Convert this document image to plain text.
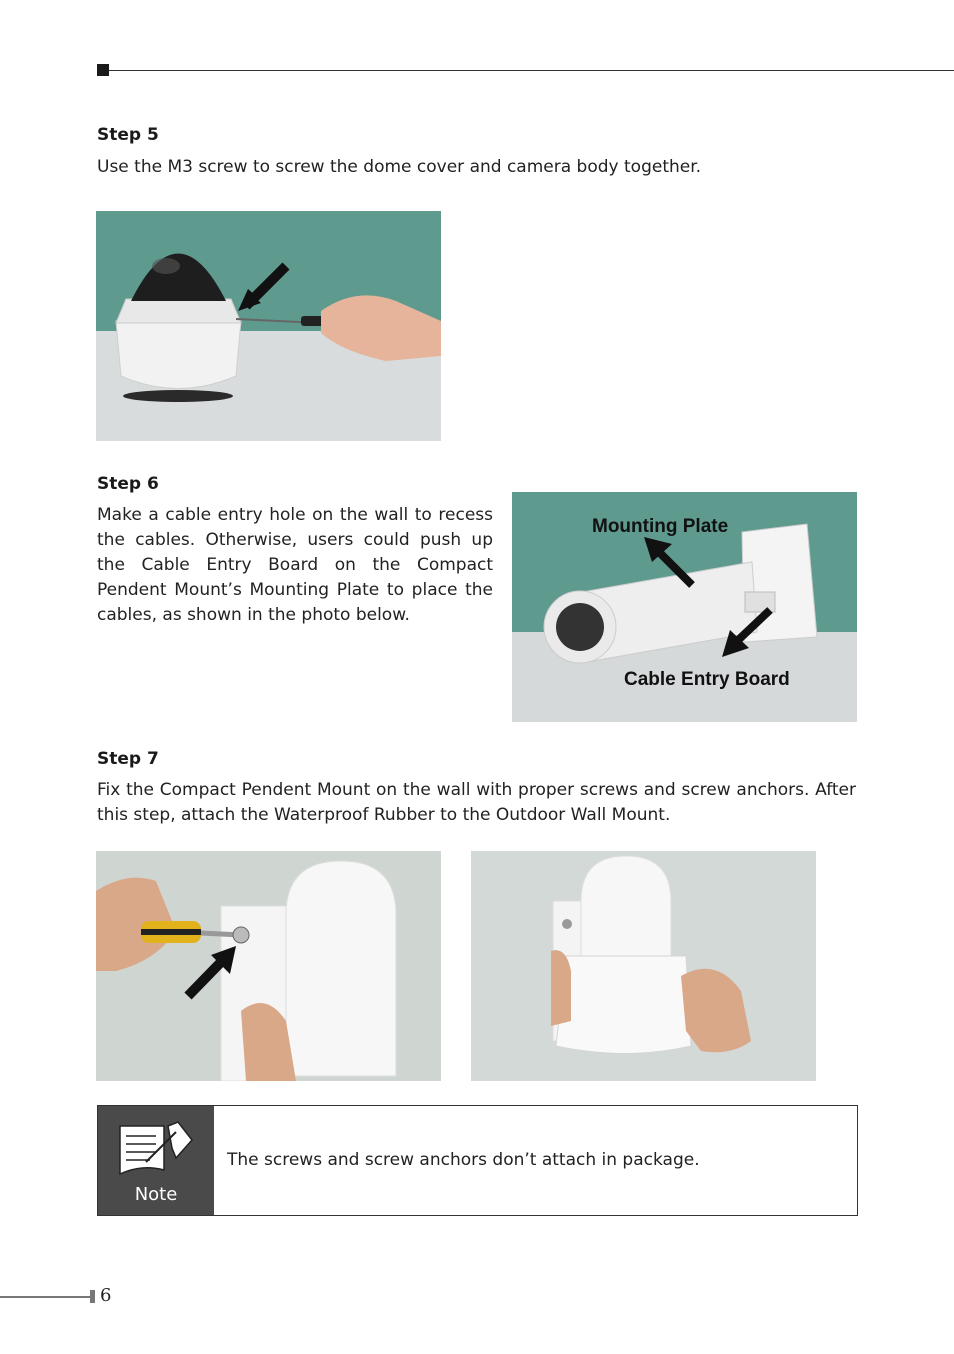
Step 5
Use the M3 screw to screw the dome cover and camera body together.
Step 6
Make a cable entry hole on the wall to recess the cables. Otherwise, users could push up the Cable Entry Board on the Compact Pendent Mount’s Mounting Plate to place the cables, as shown in the photo below.
Mounting Plate
Cable Entry Board
Step 7
Fix the Compact Pendent Mount on the wall with proper screws and screw anchors. After this step, attach the Waterproof Rubber to the Outdoor Wall Mount.
Note
The screws and screw anchors don’t attach in package.
6
